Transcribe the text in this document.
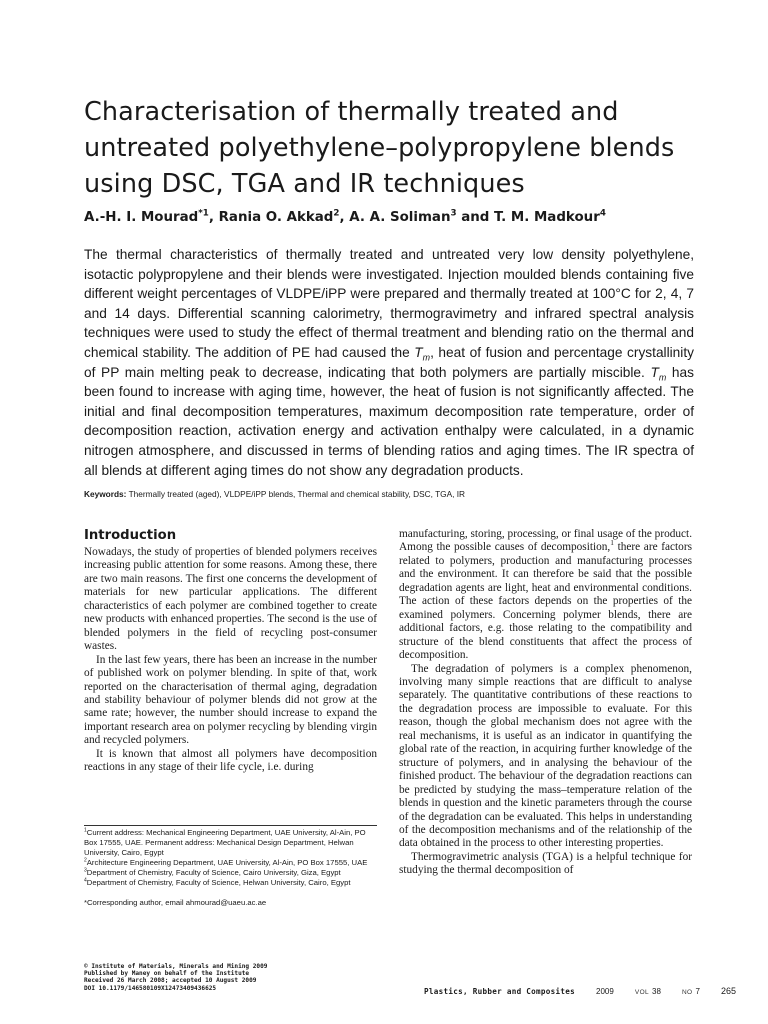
Characterisation of thermally treated and untreated polyethylene–polypropylene blends using DSC, TGA and IR techniques
A.-H. I. Mourad$^{*1}$, Rania O. Akkad$^2$, A. A. Soliman$^3$ and T. M. Madkour$^4$

The thermal characteristics of thermally treated and untreated very low density polyethylene, isotactic polypropylene and their blends were investigated. Injection moulded blends containing five different weight percentages of VLDPE/iPP were prepared and thermally treated at 100°C for 2, 4, 7 and 14 days. Differential scanning calorimetry, thermogravimetry and infrared spectral analysis techniques were used to study the effect of thermal treatment and blending ratio on the thermal and chemical stability. The addition of PE had caused the $T_m$, heat of fusion and percentage crystallinity of PP main melting peak to decrease, indicating that both polymers are partially miscible. $T_m$ has been found to increase with aging time, however, the heat of fusion is not significantly affected. The initial and final decomposition temperatures, maximum decomposition rate temperature, order of decomposition reaction, activation energy and activation enthalpy were calculated, in a dynamic nitrogen atmosphere, and discussed in terms of blending ratios and aging times. The IR spectra of all blends at different aging times do not show any degradation products.

Keywords: Thermally treated (aged), VLDPE/iPP blends, Thermal and chemical stability, DSC, TGA, IR
Introduction

Nowadays, the study of properties of blended polymers receives increasing public attention for some reasons. Among these, there are two main reasons. The first one concerns the development of materials for new particular applications. The different characteristics of each polymer are combined together to create new products with enhanced properties. The second is the use of blended polymers in the field of recycling post-consumer wastes.

In the last few years, there has been an increase in the number of published work on polymer blending. In spite of that, work reported on the characterisation of thermal aging, degradation and stability behaviour of polymer blends did not grow at the same rate; however, the number should increase to expand the important research area on polymer recycling by blending virgin and recycled polymers.

It is known that almost all polymers have decomposition reactions in any stage of their life cycle, i.e. during

manufacturing, storing, processing, or final usage of the product. Among the possible causes of decomposition,$^1$ there are factors related to polymers, production and manufacturing processes and the environment. It can therefore be said that the possible degradation agents are light, heat and environmental conditions. The action of these factors depends on the properties of the examined polymers. Concerning polymer blends, there are additional factors, e.g. those relating to the compatibility and structure of the blend constituents that affect the process of decomposition.

The degradation of polymers is a complex phenomenon, involving many simple reactions that are difficult to analyse separately. The quantitative contributions of these reactions to the degradation process are impossible to evaluate. For this reason, though the global mechanism does not agree with the real mechanisms, it is useful as an indicator in quantifying the global rate of the reaction, in acquiring further knowledge of the structure of polymers, and in analysing the behaviour of the finished product. The behaviour of the degradation reactions can be predicted by studying the mass–temperature relation of the blends in question and the kinetic parameters through the course of the degradation can be evaluated. This helps in understanding of the decomposition mechanisms and of the relationship of the data obtained in the process to other interesting properties.

Thermogravimetric analysis (TGA) is a helpful technique for studying the thermal decomposition of

$^1$Current address: Mechanical Engineering Department, UAE University, Al-Ain, PO Box 17555, UAE. Permanent address: Mechanical Design Department, Helwan University, Cairo, Egypt

$^2$Architecture Engineering Department, UAE University, Al-Ain, PO Box 17555, UAE

$^3$Department of Chemistry, Faculty of Science, Cairo University, Giza, Egypt

$^4$Department of Chemistry, Faculty of Science, Helwan University, Cairo, Egypt

*Corresponding author, email ahmourad@uaeu.ac.ae

© Institute of Materials, Minerals and Mining 2009

Published by Maney on behalf of the Institute

Received 26 March 2008; accepted 10 August 2009

DOI 10.1179/146580109X12473409436625	Plastics, Rubber and Composites	2009	VOL 38	NO 7 265
